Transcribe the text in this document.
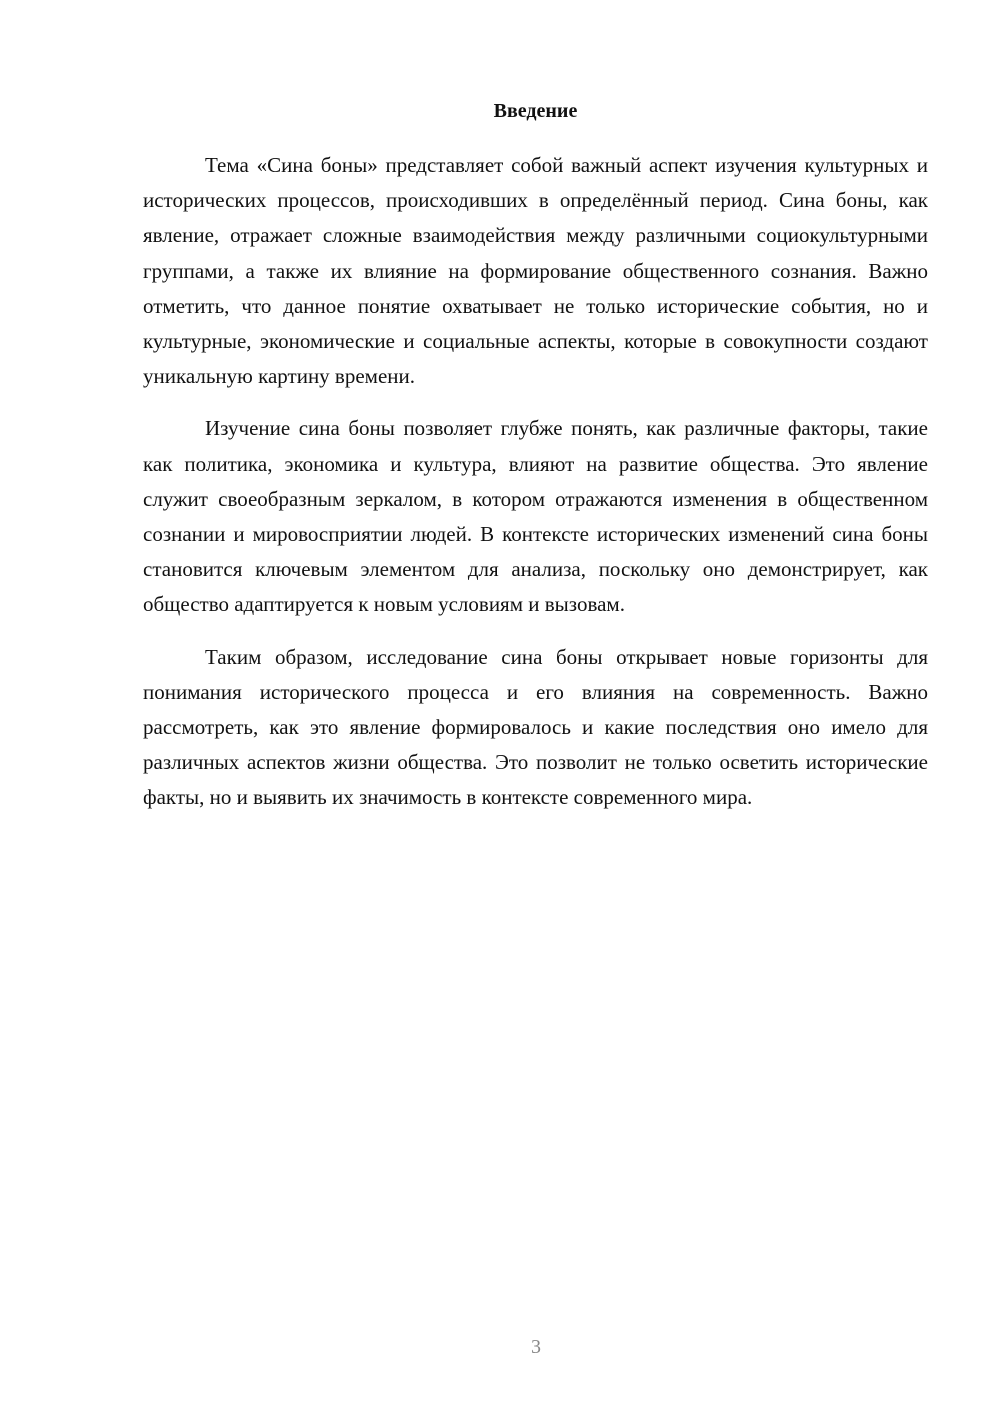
Введение

Тема «Сина боны» представляет собой важный аспект изучения культурных и исторических процессов, происходивших в определённый период. Сина боны, как явление, отражает сложные взаимодействия между различными социокультурными группами, а также их влияние на формирование общественного сознания. Важно отметить, что данное понятие охватывает не только исторические события, но и культурные, экономические и социальные аспекты, которые в совокупности создают уникальную картину времени.

Изучение сина боны позволяет глубже понять, как различные факторы, такие как политика, экономика и культура, влияют на развитие общества. Это явление служит своеобразным зеркалом, в котором отражаются изменения в общественном сознании и мировосприятии людей. В контексте исторических изменений сина боны становится ключевым элементом для анализа, поскольку оно демонстрирует, как общество адаптируется к новым условиям и вызовам.

Таким образом, исследование сина боны открывает новые горизонты для понимания исторического процесса и его влияния на современность. Важно рассмотреть, как это явление формировалось и какие последствия оно имело для различных аспектов жизни общества. Это позволит не только осветить исторические факты, но и выявить их значимость в контексте современного мира.

3
